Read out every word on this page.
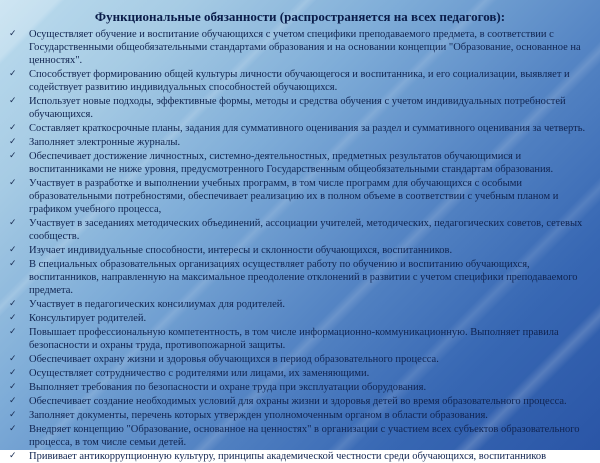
Функциональные обязанности (распространяется на всех педагогов):
✓	Осуществляет обучение и воспитание обучающихся с учетом специфики преподаваемого предмета, в соответствии с Государственными общеобязательными стандартами образования и на основании концепции "Образование, основанное на ценностях".
✓	Способствует формированию общей культуры личности обучающегося и воспитанника, и его социализации, выявляет и содействует развитию индивидуальных способностей обучающихся.
✓	Использует новые подходы, эффективные формы, методы и средства обучения с учетом индивидуальных потребностей обучающихся.
✓	Составляет краткосрочные планы, задания для суммативного оценивания за раздел и суммативного оценивания за четверть.
✓	Заполняет электронные журналы.
✓	Обеспечивает достижение личностных, системно-деятельностных, предметных результатов обучающимися и воспитанниками не ниже уровня, предусмотренного Государственным общеобязательными стандартам образования.
✓	Участвует в разработке и выполнении учебных программ, в том числе программ для обучающихся с особыми образовательными потребностями, обеспечивает реализацию их в полном объеме в соответствии с учебным планом и графиком учебного процесса,
✓	Участвует в заседаниях методических объединений, ассоциации учителей, методических, педагогических советов, сетевых сообществ.
✓	Изучает индивидуальные способности, интересы и склонности обучающихся, воспитанников.
✓	В специальных образовательных организациях осуществляет работу по обучению и воспитанию обучающихся, воспитанников, направленную на максимальное преодоление отклонений в развитии с учетом специфики преподаваемого предмета.
✓	Участвует в педагогических консилиумах для родителей.
✓	Консультирует родителей.
✓	Повышает профессиональную компетентность, в том числе информационно-коммуникационную. Выполняет правила безопасности и охраны труда, противопожарной защиты.
✓	Обеспечивает охрану жизни и здоровья обучающихся в период образовательного процесса.
✓	Осуществляет сотрудничество с родителями или лицами, их заменяющими.
✓	Выполняет требования по безопасности и охране труда при эксплуатации оборудования.
✓	Обеспечивает создание необходимых условий для охраны жизни и здоровья детей во время образовательного процесса.
✓	Заполняет документы, перечень которых утвержден уполномоченным органом в области образования.
✓	Внедряет концепцию "Образование, основанное на ценностях" в организации с участием всех субъектов образовательного процесса, в том числе семьи детей.
✓	Прививает антикоррупционную культуру, принципы академической честности среди обучающихся, воспитанников
